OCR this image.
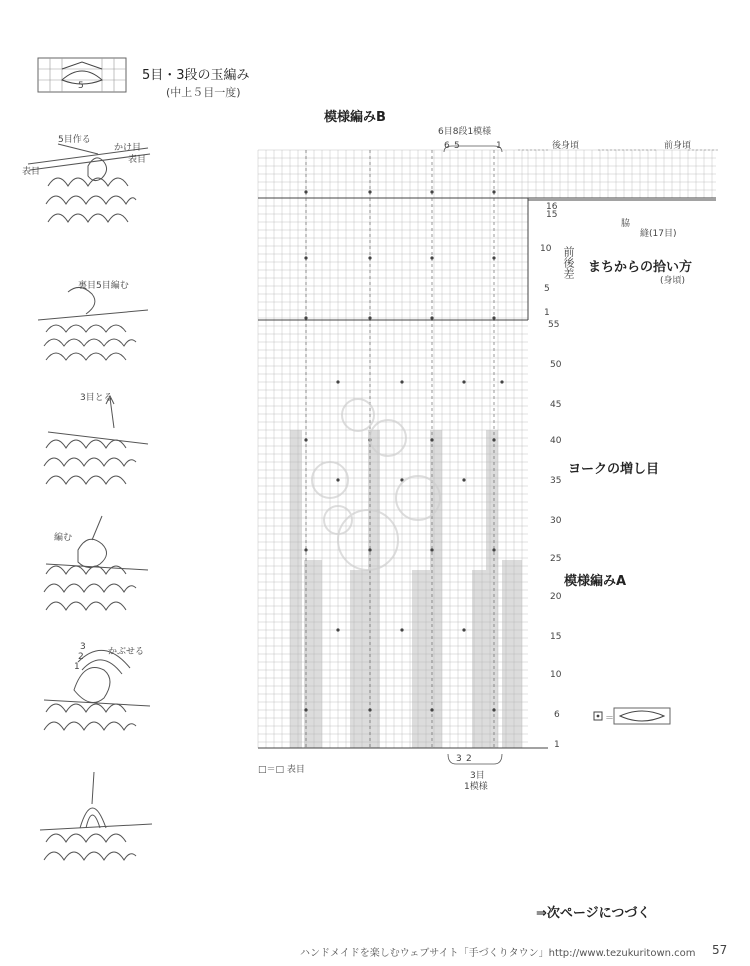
5
5目・3段の玉編み
(中上５目一度)
5目作る
かけ目
表目
表目
裏目5目編む
3目とる
編む
3
2
1
かぶせる
模様編みB
6目8段1模様
6 5	1	後身頃	前身頃
16
15
10
5
1
前後差
55
50
45
40
35
30
25
20
15
10
6
1
まちからの拾い方
(身頃)
脇
縫(17目)
ヨークの増し目
模様編みA
＝
3 2
3目
1模様
□＝□ 表目
⇒次ページにつづく
ハンドメイドを楽しむウェブサイト「手づくりタウン」http://www.tezukuritown.com 57
